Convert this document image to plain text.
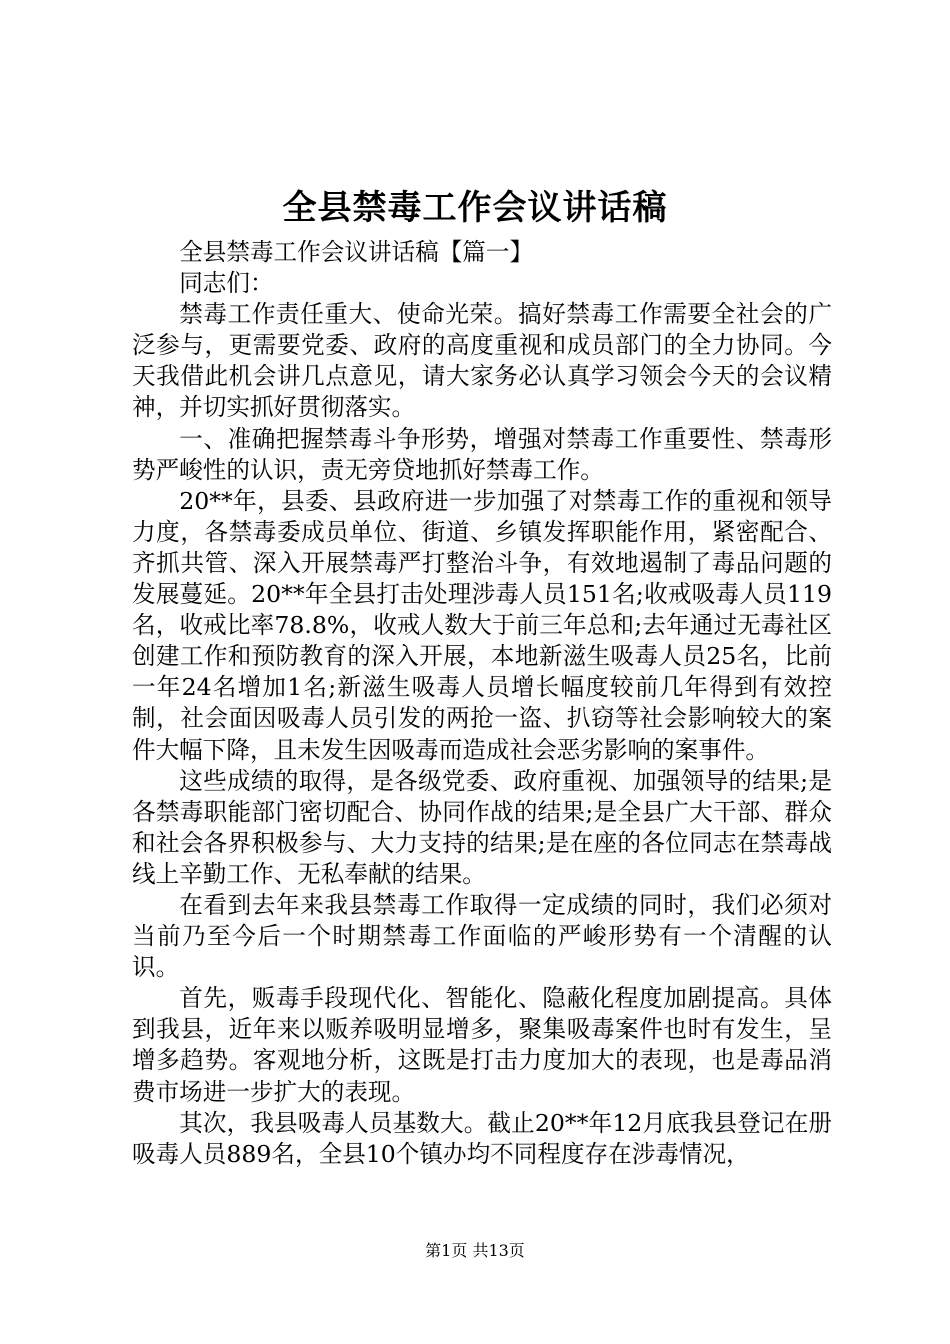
全县禁毒工作会议讲话稿

全县禁毒工作会议讲话稿【篇一】

同志们：

禁毒工作责任重大、使命光荣。搞好禁毒工作需要全社会的广泛参与，更需要党委、政府的高度重视和成员部门的全力协同。今天我借此机会讲几点意见，请大家务必认真学习领会今天的会议精神，并切实抓好贯彻落实。

一、准确把握禁毒斗争形势，增强对禁毒工作重要性、禁毒形势严峻性的认识，责无旁贷地抓好禁毒工作。

20**年，县委、县政府进一步加强了对禁毒工作的重视和领导力度，各禁毒委成员单位、街道、乡镇发挥职能作用，紧密配合、齐抓共管、深入开展禁毒严打整治斗争，有效地遏制了毒品问题的发展蔓延。20**年全县打击处理涉毒人员151名;收戒吸毒人员119名，收戒比率78.8%，收戒人数大于前三年总和;去年通过无毒社区创建工作和预防教育的深入开展，本地新滋生吸毒人员25名，比前一年24名增加1名;新滋生吸毒人员增长幅度较前几年得到有效控制，社会面因吸毒人员引发的两抢一盗、扒窃等社会影响较大的案件大幅下降，且未发生因吸毒而造成社会恶劣影响的案事件。

这些成绩的取得，是各级党委、政府重视、加强领导的结果;是各禁毒职能部门密切配合、协同作战的结果;是全县广大干部、群众和社会各界积极参与、大力支持的结果;是在座的各位同志在禁毒战线上辛勤工作、无私奉献的结果。

在看到去年来我县禁毒工作取得一定成绩的同时，我们必须对当前乃至今后一个时期禁毒工作面临的严峻形势有一个清醒的认识。

首先，贩毒手段现代化、智能化、隐蔽化程度加剧提高。具体到我县，近年来以贩养吸明显增多，聚集吸毒案件也时有发生，呈增多趋势。客观地分析，这既是打击力度加大的表现，也是毒品消费市场进一步扩大的表现。

其次，我县吸毒人员基数大。截止20**年12月底我县登记在册吸毒人员889名，全县10个镇办均不同程度存在涉毒情况，

第1页 共13页
